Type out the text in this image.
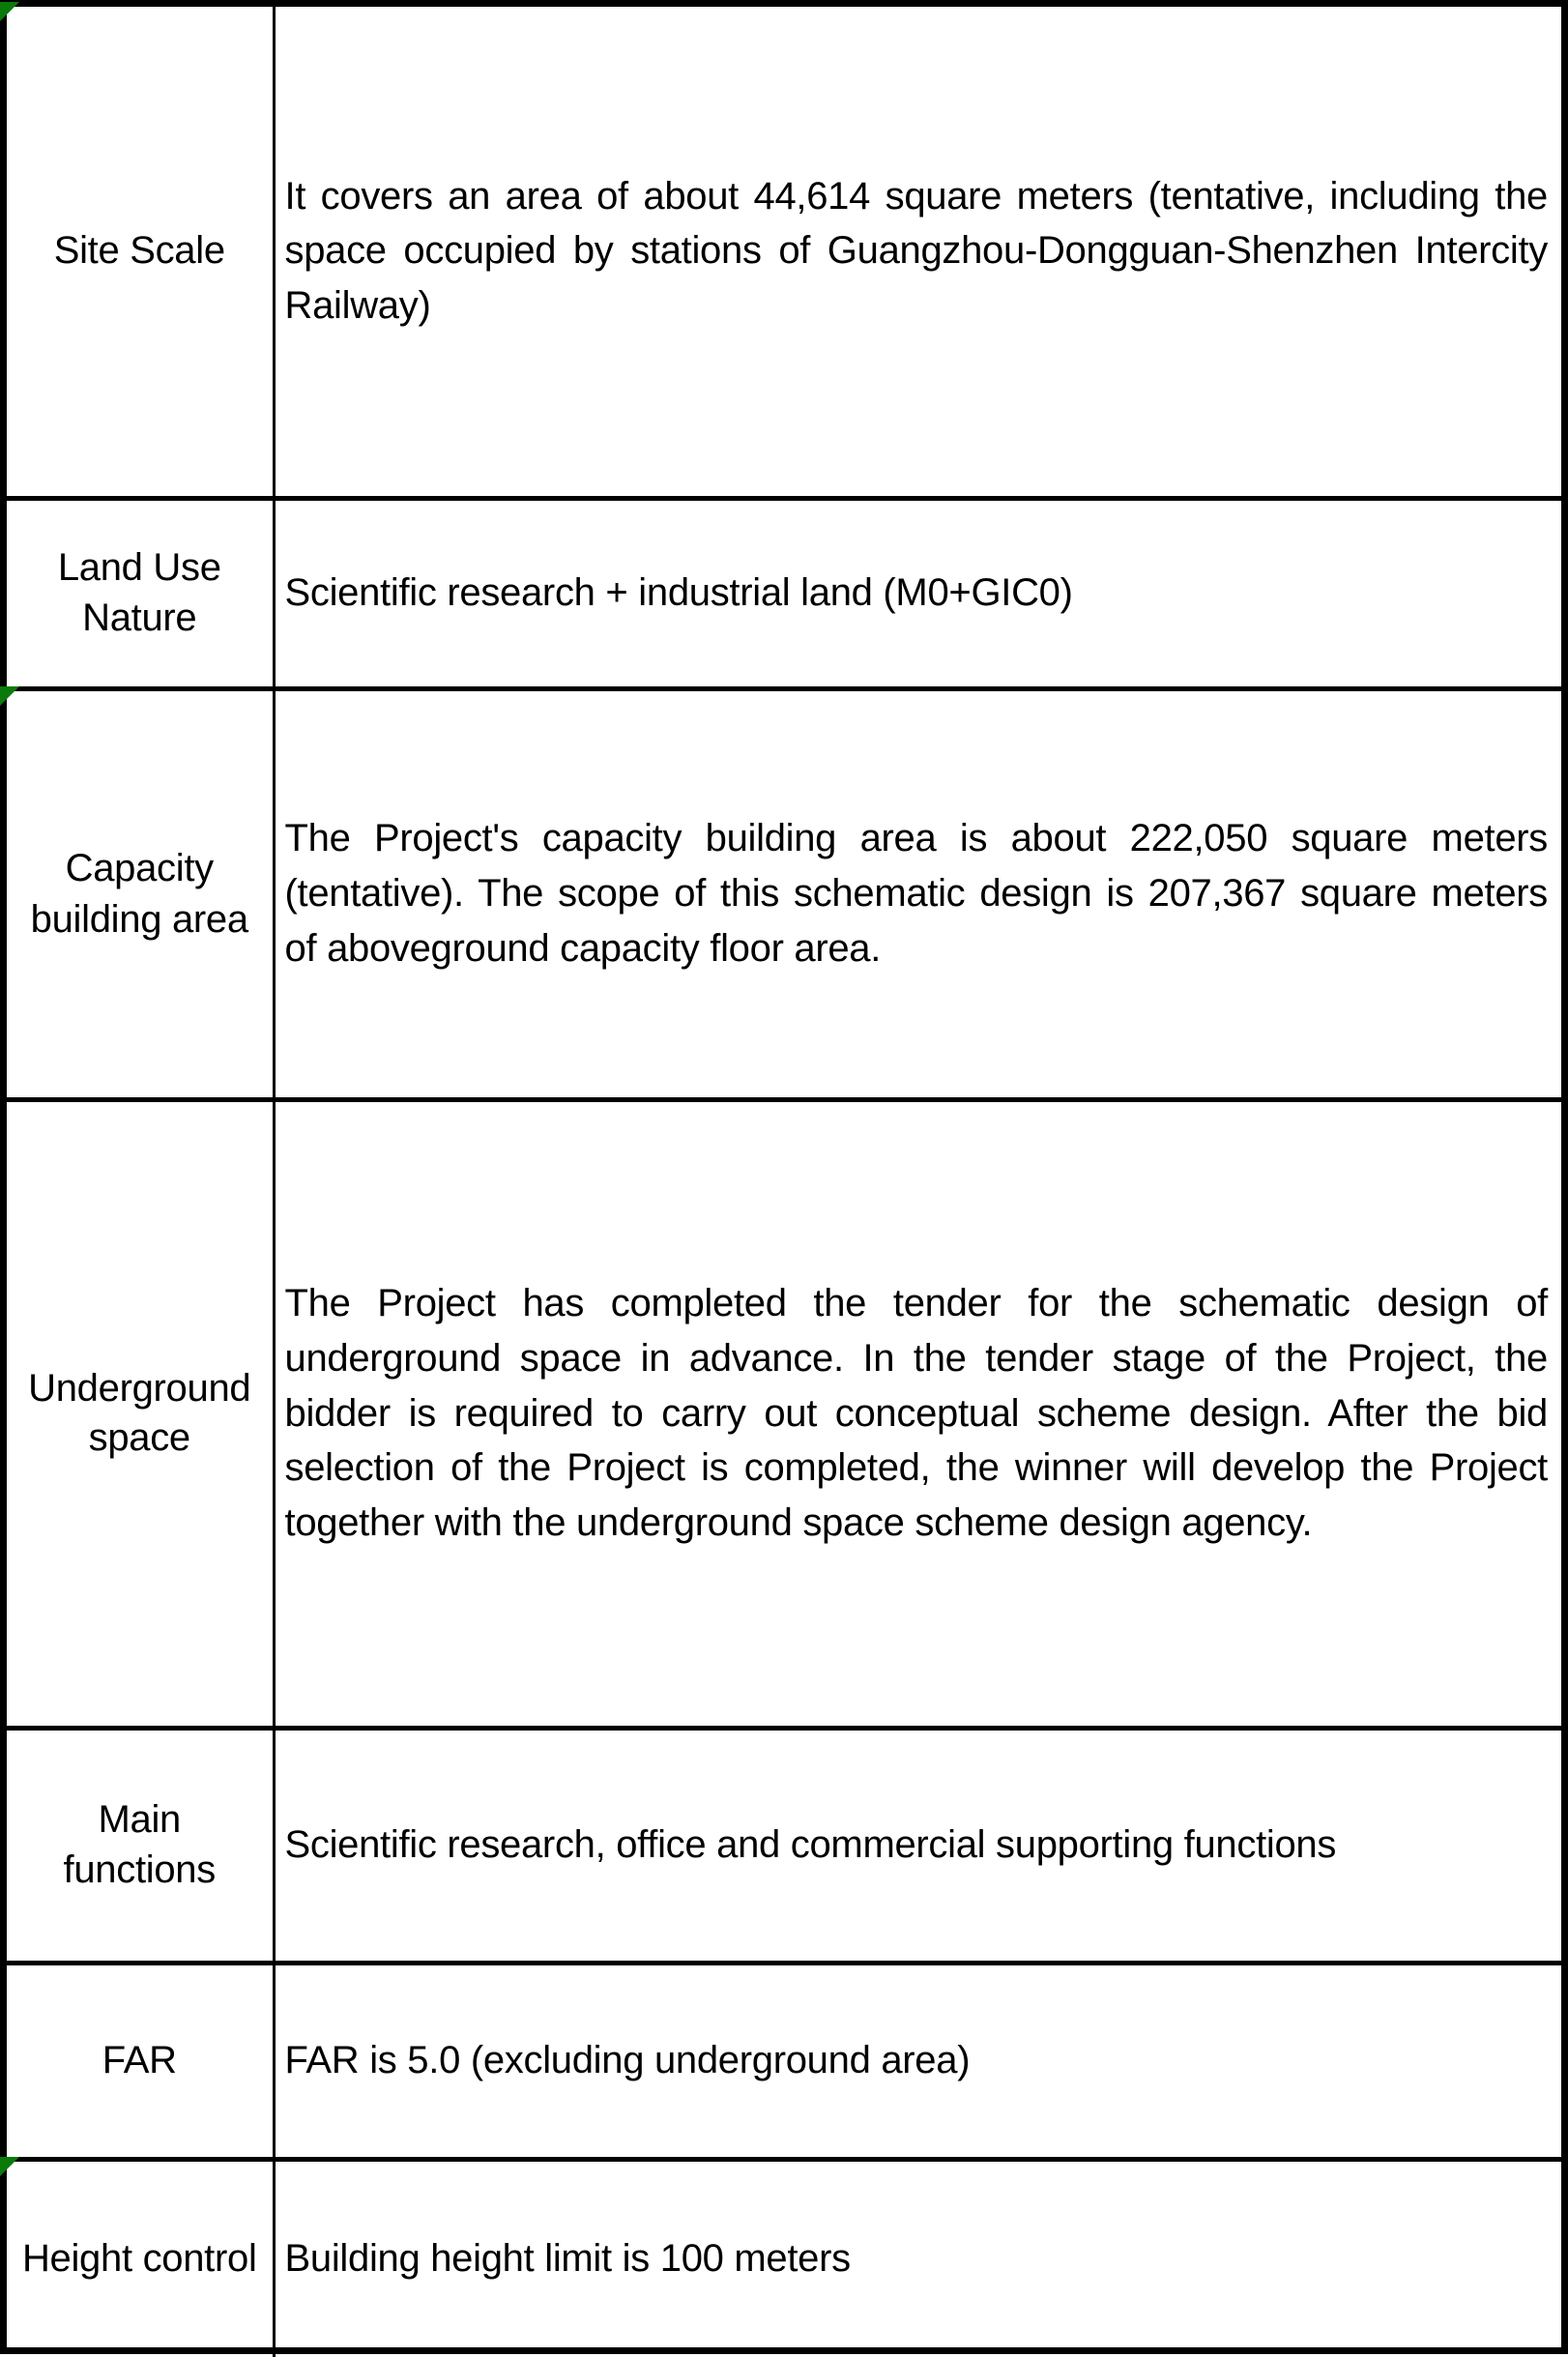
Site Scale	It covers an area of about 44,614 square meters (tentative, including the space occupied by stations of Guangzhou-Dongguan-Shenzhen Intercity Railway)

Land Use Nature	Scientific research + industrial land (M0+GIC0)

Capacity building area	The Project's capacity building area is about 222,050 square meters (tentative). The scope of this schematic design is 207,367 square meters of aboveground capacity floor area.

Underground space	The Project has completed the tender for the schematic design of underground space in advance. In the tender stage of the Project, the bidder is required to carry out conceptual scheme design. After the bid selection of the Project is completed, the winner will develop the Project together with the underground space scheme design agency.

Main functions	Scientific research, office and commercial supporting functions

FAR	FAR is 5.0 (excluding underground area)

Height control	Building height limit is 100 meters
